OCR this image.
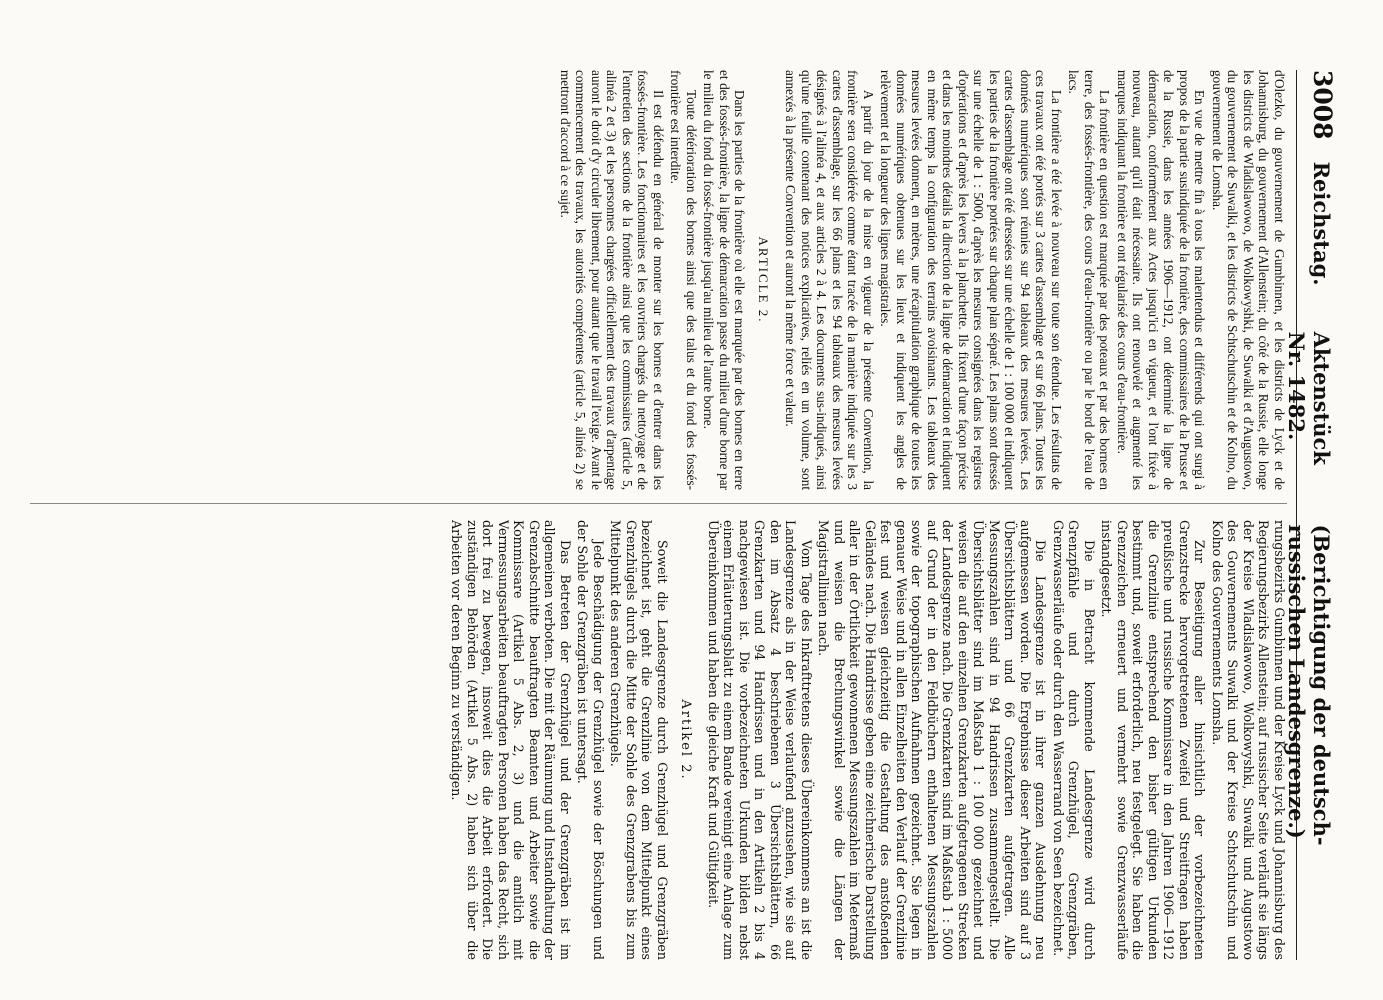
3008
Reichstag.
Aktenstück Nr. 1482.
(Berichtigung der deutsch-russischen Landesgrenze.)

d'Olezko, du gouvernement de Gumbinnen, et les districts de Lyck et de Johannisburg, du gouvernement d'Allenstein; du côté de la Russie, elle longe les districts de Wladislawowo, de Wolkowyshki, de Suwalki et d'Augustowo, du gouvernement de Suwalki, et les districts de Schtschutschin et de Kolno, du gouvernement de Lomsha.

En vue de mettre fin à tous les malentendus et différends qui ont surgi à propos de la partie susindiquée de la frontière, des commissaires de la Prusse et de la Russie, dans les années 1906—1912, ont déterminé la ligne de démarcation, conformément aux Actes jusqu'ici en vigueur, et l'ont fixée à nouveau, autant qu'il était nécessaire. Ils ont renouvelé et augmenté les marques indiquant la frontière et ont régularisé des cours d'eau-frontière.

La frontière en question est marquée par des poteaux et par des bornes en terre, des fossés-frontière, des cours d'eau-frontière ou par le bord de l'eau de lacs.

La frontière a été levée à nouveau sur toute son étendue. Les résultats de ces travaux ont été portés sur 3 cartes d'assemblage et sur 66 plans. Toutes les données numériques sont réunies sur 94 tableaux des mesures levées. Les cartes d'assemblage ont été dressées sur une échelle de 1 : 100 000 et indiquent les parties de la frontière portées sur chaque plan séparé. Les plans sont dressés sur une échelle de 1 : 5000, d'après les mesures consignées dans les registres d'opérations et d'après les levers à la planchette. Ils fixent d'une façon précise et dans les moindres détails la direction de la ligne de démarcation et indiquent en même temps la configuration des terrains avoisinants. Les tableaux des mesures levées donnent, en mètres, une récapitulation graphique de toutes les données numériques obtenues sur les lieux et indiquent les angles de relèvement et la longueur des lignes magistrales.

A partir du jour de la mise en vigueur de la présente Convention, la frontière sera considérée comme étant tracée de la manière indiquée sur les 3 cartes d'assemblage, sur les 66 plans et les 94 tableaux des mesures levées désignés à l'alinéa 4, et aux articles 2 à 4. Les documents sus-indiqués, ainsi qu'une feuille contenant des notices explicatives, reliés en un volume, sont annexés à la présente Convention et auront la même force et valeur.

ARTICLE 2.

Dans les parties de la frontière où elle est marquée par des bornes en terre et des fossés-frontière, la ligne de démarcation passe du milieu d'une borne par le milieu du fond du fossé-frontière jusqu'au milieu de l'autre borne.

Toute détérioration des bornes ainsi que des talus et du fond des fossés-frontière est interdite.

Il est défendu en général de monter sur les bornes et d'entrer dans les fossés-frontière. Les fonctionnaires et les ouvriers chargés du nettoyage et de l'entretien des sections de la frontière ainsi que les commissaires (article 5, alinéa 2 et 3) et les personnes chargées officiellement des travaux d'arpentage auront le droit d'y circuler librement, pour autant que le travail l'exige. Avant le commencement des travaux, les autorités compétentes (article 5, alinéa 2) se mettront d'accord à ce sujet.

rungsbezirks Gumbinnen und der Kreise Lyck und Johannisburg des Regierungsbezirks Allenstein; auf russischer Seite verläuft sie längs der Kreise Wladislawowo, Wolkowyshki, Suwalki und Augustowo des Gouvernements Suwalki und der Kreise Schtschutschin und Kolno des Gouvernements Lomsha.

Zur Beseitigung aller hinsichtlich der vorbezeichneten Grenzstrecke hervorgetretenen Zweifel und Streitfragen haben preußische und russische Kommissare in den Jahren 1906—1912 die Grenzlinie entsprechend den bisher gültigen Urkunden bestimmt und, soweit erforderlich, neu festgelegt. Sie haben die Grenzzeichen erneuert und vermehrt sowie Grenzwasserläufe instandgesetzt.

Die in Betracht kommende Landesgrenze wird durch Grenzpfähle und durch Grenzhügel, Grenzgräben, Grenzwasserläufe oder durch den Wasserrand von Seen bezeichnet.

Die Landesgrenze ist in ihrer ganzen Ausdehnung neu aufgemessen worden. Die Ergebnisse dieser Arbeiten sind auf 3 Übersichtsblättern und 66 Grenzkarten aufgetragen. Alle Messungszahlen sind in 94 Handrissen zusammengestellt. Die Übersichtsblätter sind im Maßstab 1 : 100 000 gezeichnet und weisen die auf den einzelnen Grenzkarten aufgetragenen Strecken der Landesgrenze nach. Die Grenzkarten sind im Maßstab 1 : 5000 auf Grund der in den Feldbüchern enthaltenen Messungszahlen sowie der topographischen Aufnahmen gezeichnet. Sie legen in genauer Weise und in allen Einzelheiten den Verlauf der Grenzlinie fest und weisen gleichzeitig die Gestaltung des anstoßenden Geländes nach. Die Handrisse geben eine zeichnerische Darstellung aller in der Örtlichkeit gewonnenen Messungszahlen im Metermaß und weisen die Brechungswinkel sowie die Längen der Magistrallinien nach.

Vom Tage des Inkrafttretens dieses Übereinkommens an ist die Landesgrenze als in der Weise verlaufend anzusehen, wie sie auf den im Absatz 4 beschriebenen 3 Übersichtsblättern, 66 Grenzkarten und 94 Handrissen und in den Artikeln 2 bis 4 nachgewiesen ist. Die vorbezeichneten Urkunden bilden nebst einem Erläuterungsblatt zu einem Bande vereinigt eine Anlage zum Übereinkommen und haben die gleiche Kraft und Gültigkeit.

Artikel 2.

Soweit die Landesgrenze durch Grenzhügel und Grenzgräben bezeichnet ist, geht die Grenzlinie von dem Mittelpunkt eines Grenzhügels durch die Mitte der Sohle des Grenzgrabens bis zum Mittelpunkt des anderen Grenzhügels.

Jede Beschädigung der Grenzhügel sowie der Böschungen und der Sohle der Grenzgräben ist untersagt.

Das Betreten der Grenzhügel und der Grenzgräben ist im allgemeinen verboten. Die mit der Räumung und Instandhaltung der Grenzabschnitte beauftragten Beamten und Arbeiter sowie die Kommissare (Artikel 5 Abs. 2, 3) und die amtlich mit Vermessungsarbeiten beauftragten Personen haben das Recht, sich dort frei zu bewegen, insoweit dies die Arbeit erfordert. Die zuständigen Behörden (Artikel 5 Abs. 2) haben sich über die Arbeiten vor deren Beginn zu verständigen.
